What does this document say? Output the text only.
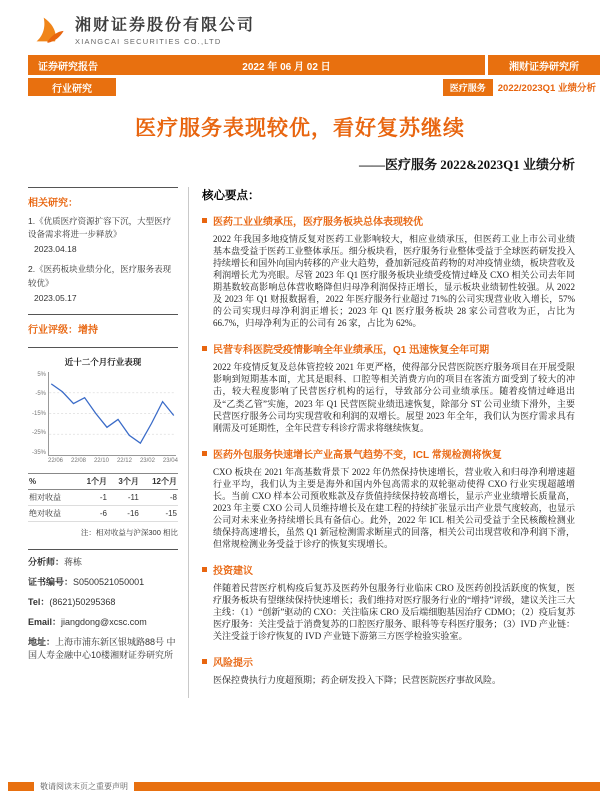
湘财证券股份有限公司
XIANGCAI SECURITIES CO.,LTD
证券研究报告	2022 年 06 月 02 日	湘财证券研究所
行业研究	医疗服务	2022/2023Q1 业绩分析
医疗服务表现较优，看好复苏继续
——医疗服务 2022&2023Q1 业绩分析
相关研究：
1.《优质医疗资源扩容下沉，大型医疗设备需求将进一步释放》
2023.04.18
2.《医药板块业绩分化，医疗服务表现较优》
2023.05.17
行业评级：增持
近十二个月行业表现
5%
-5%
-15%
-25%
-35%
22/06 22/08 22/10 22/12 23/02 23/04
%	1个月	3个月	12个月
相对收益	-1	-11	-8
绝对收益	-6	-16	-15
注：相对收益与沪深300 相比
分析师：蒋栋
证书编号：S0500521050001
Tel：(8621)50295368
Email：jiangdong@xcsc.com
地址：上海市浦东新区银城路88号 中国人寿金融中心10楼湘财证券研究所
核心要点：
医药工业业绩承压，医疗服务板块总体表现较优

2022 年我国多地疫情反复对医药工业影响较大，相应业绩承压，但医药工业上市公司业绩基本盘受益于医药工业整体承压。细分板块看，医疗服务行业整体受益于全球医药研发投入持续增长和国外向国内转移的产业大趋势，叠加新冠疫苗药物的对冲疫情业绩，板块营收及利润增长尤为亮眼。尽管 2023 年 Q1 医疗服务板块业绩受疫情过峰及 CXO 相关公司去年同期基数较高影响总体营收略降但归母净利润保持正增长，显示板块业绩韧性较强。从 2022 及 2023 年 Q1 财报数据看，2022 年医疗服务行业超过 71%的公司实现营业收入增长，57%的公司实现归母净利润正增长；2023 年 Q1 医疗服务板块 28 家公司营收为正，占比为 66.7%，归母净利为正的公司有 26 家，占比为 62%。

民营专科医院受疫情影响全年业绩承压，Q1 迅速恢复全年可期

2022 年疫情反复及总体管控较 2021 年更严格，使得部分民营医院医疗服务项目在开展受限影响到短期基本面，尤其是眼科、口腔等相关消费方向的项目在客流方面受到了较大的冲击，较大程度影响了民营医疗机构的运行，导致部分公司业绩承压。随着疫情过峰退出及“乙类乙管”实施，2023 年 Q1 民营医院业绩迅速恢复，除部分 ST 公司业绩下滑外，主要民营医疗服务公司均实现营收和利润的双增长。展望 2023 年全年，我们认为医疗需求具有刚需及可延期性，全年民营专科诊疗需求将继续恢复。

医药外包服务快速增长产业高景气趋势不变，ICL 常规检测将恢复

CXO 板块在 2021 年高基数背景下 2022 年仍然保持快速增长，营业收入和归母净利增速超行业平均，我们认为主要是海外和国内外包高需求的双轮驱动使得 CXO 行业实现超越增长。当前 CXO 样本公司预收账款及存货值持续保持较高增长，显示产业业绩增长质量高，2023 年主要 CXO 公司人员维持增长及在建工程的持续扩张显示出产业景气度较高，也显示公司对未来业务持续增长具有备信心。此外，2022 年 ICL 相关公司受益于全民核酸检测业绩保持高速增长，虽然 Q1 新冠检测需求断崖式的回落，相关公司出现营收和净利润下滑，但常规检测业务受益于诊疗的恢复实现增长。

投资建议

伴随着民营医疗机构疫后复苏及医药外包服务行业临床 CRO 及医药创投活跃度的恢复，医疗服务板块有望继续保持快速增长；我们维持对医疗服务行业的“增持”评级，建议关注三大主线：（1）“创新”驱动的 CXO：关注临床 CRO 及后端细胞基因治疗 CDMO；（2）疫后复苏医疗服务：关注受益于消费复苏的口腔医疗服务、眼科等专科医疗服务；（3）IVD 产业链：关注受益于诊疗恢复的 IVD 产业链下游第三方医学检验实验室。

风险提示

医保控费执行力度超预期；药企研发投入下降；民营医院医疗事故风险。

敬请阅读末页之重要声明
